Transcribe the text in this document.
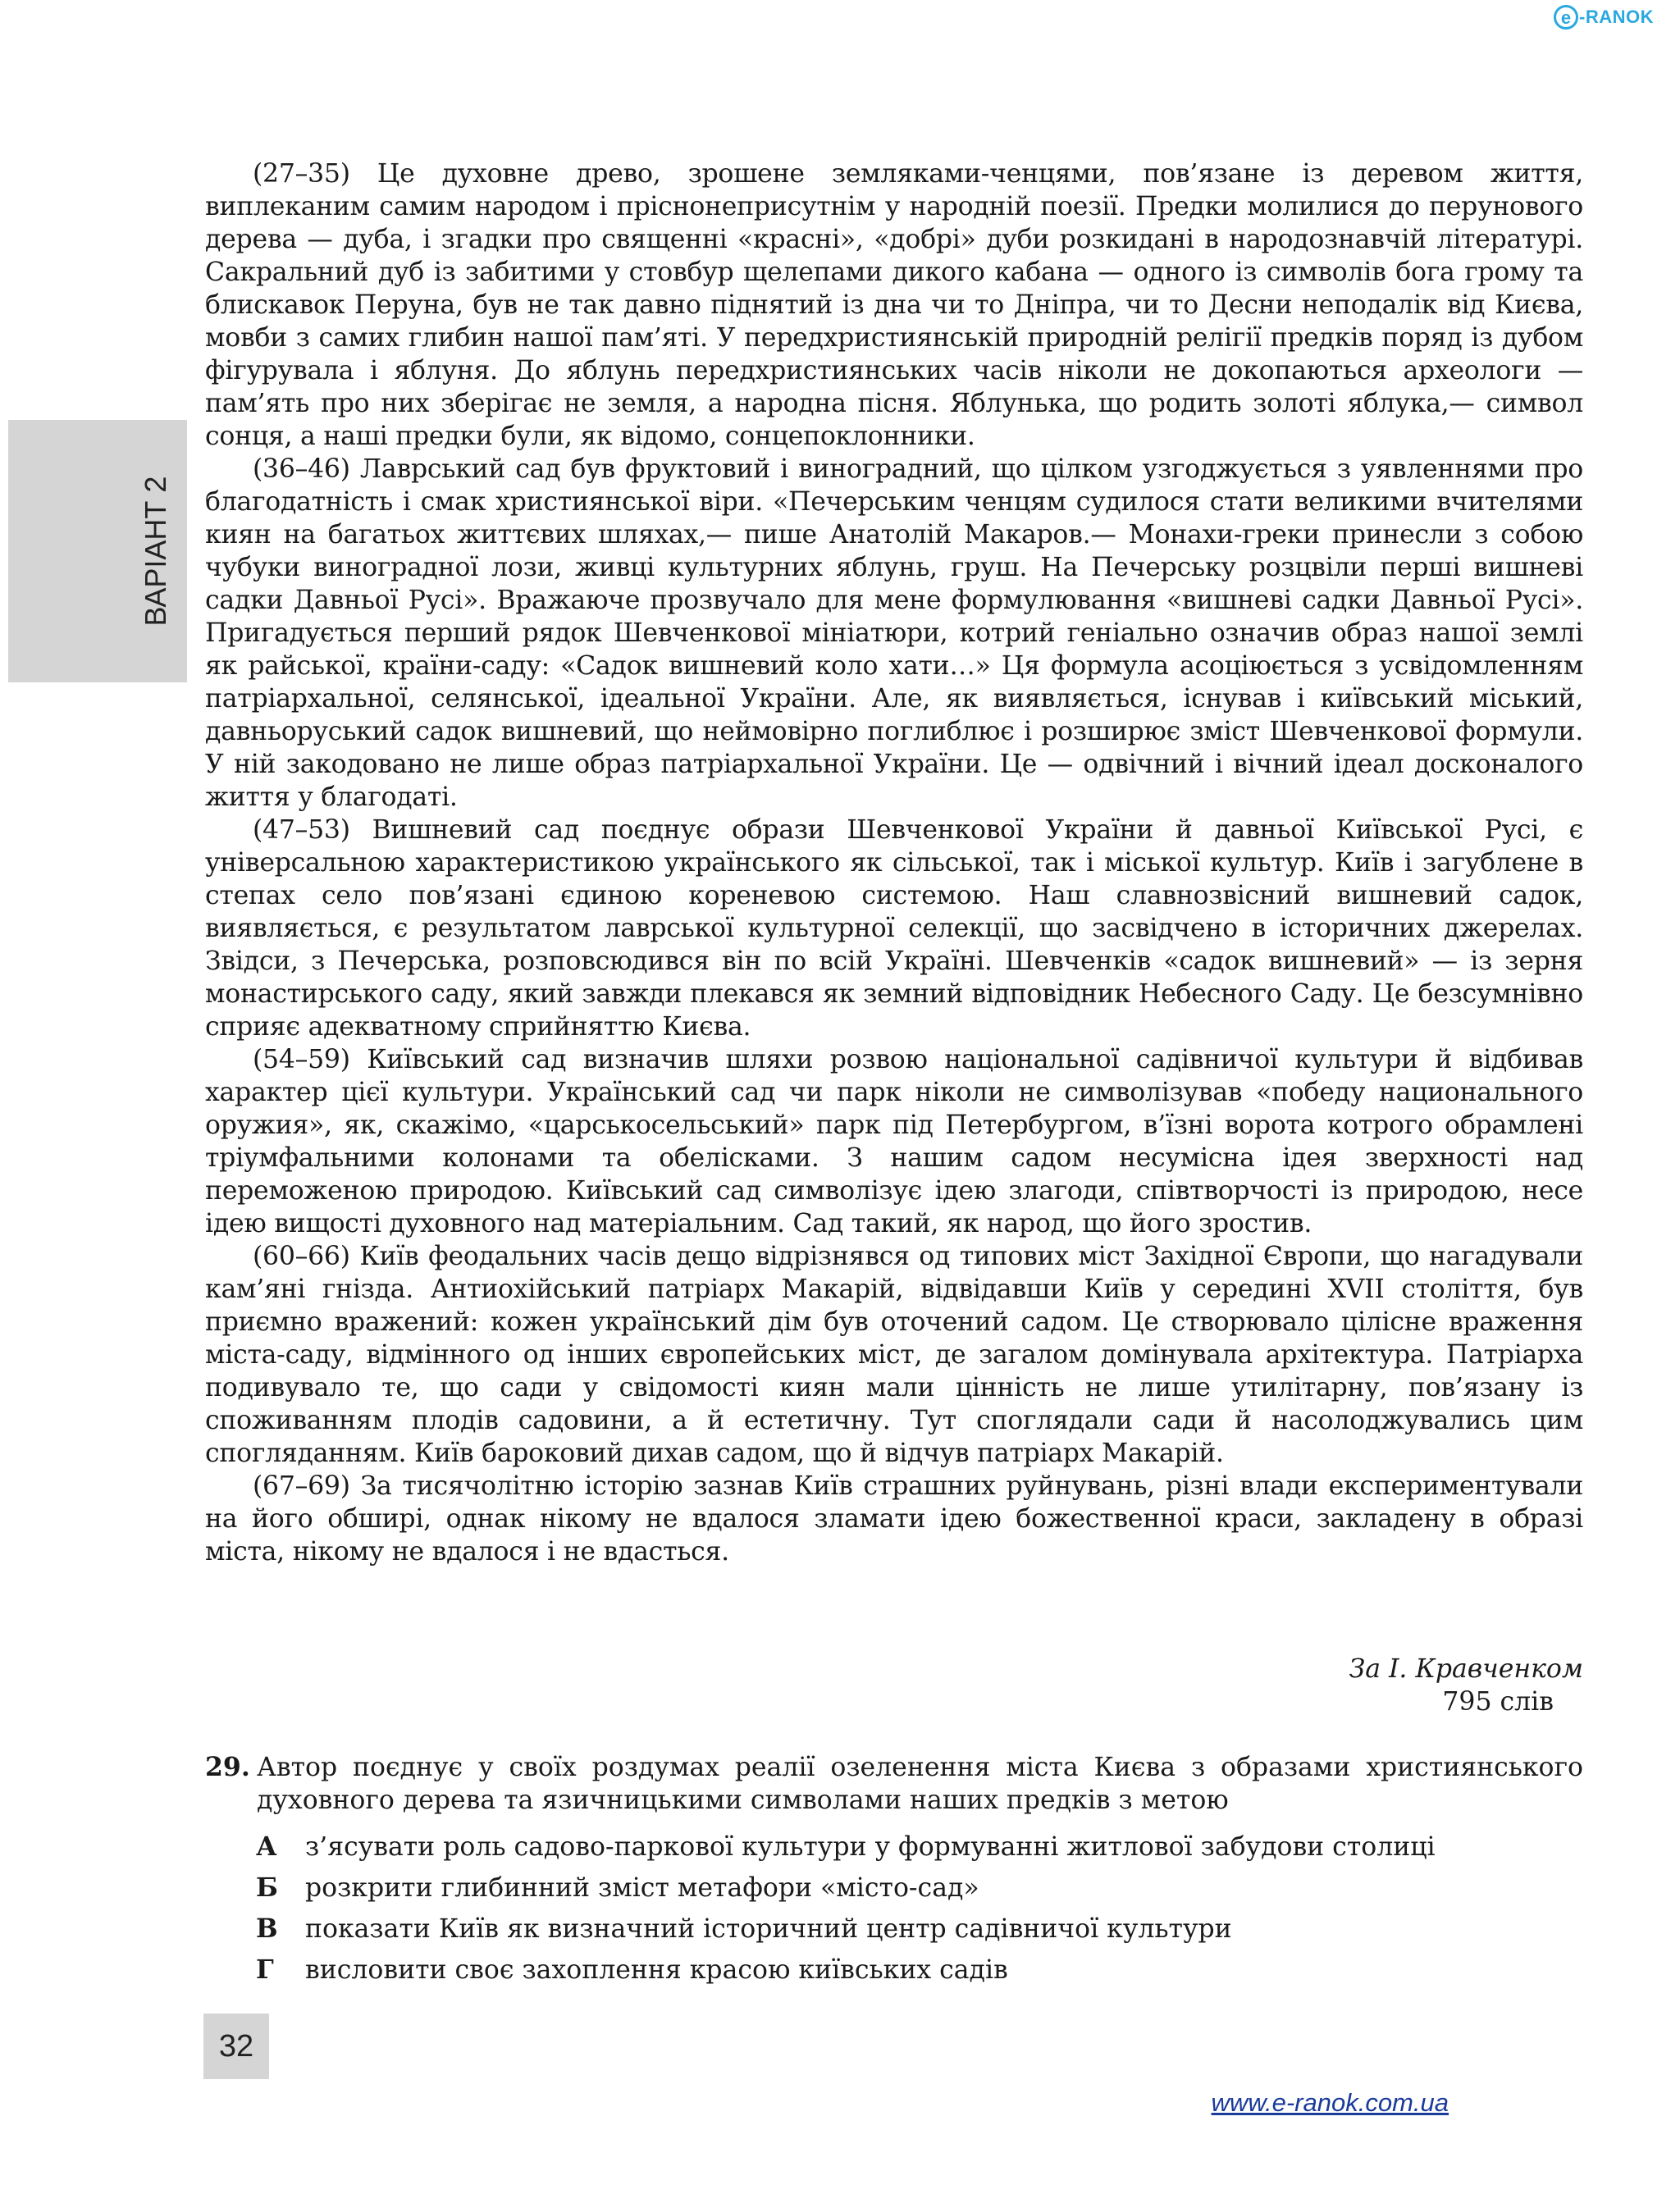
e -RANOK
ВАРІАНТ 2

(27–35) Це духовне древо, зрошене земляками-ченцями, пов’язане із деревом життя, виплеканим самим народом і пріснонеприсутнім у народній поезії. Предки молилися до перунового дерева — дуба, і згадки про священні «красні», «добрі» дуби розкидані в народознавчій літературі. Сакральний дуб із забитими у стовбур щелепами дикого кабана — одного із символів бога грому та блискавок Перуна, був не так давно піднятий із дна чи то Дніпра, чи то Десни неподалік від Києва, мовби з самих глибин нашої пам’яті. У передхристиянській природній релігії предків поряд із дубом фігурувала і яблуня. До яблунь передхристиянських часів ніколи не докопаються археологи — пам’ять про них зберігає не земля, а народна пісня. Яблунька, що родить золоті яблука,— символ сонця, а наші предки були, як відомо, сонцепоклонники.

(36–46) Лаврський сад був фруктовий і виноградний, що цілком узгоджується з уявленнями про благодатність і смак християнської віри. «Печерським ченцям судилося стати великими вчителями киян на багатьох життєвих шляхах,— пише Анатолій Макаров.— Монахи-греки принесли з собою чубуки виноградної лози, живці культурних яблунь, груш. На Печерську розцвіли перші вишневі садки Давньої Русі». Вражаюче прозвучало для мене формулювання «вишневі садки Давньої Русі». Пригадується перший рядок Шевченкової мініатюри, котрий геніально означив образ нашої землі як райської, країни-саду: «Садок вишневий коло хати…» Ця формула асоціюється з усвідомленням патріархальної, селянської, ідеальної України. Але, як виявляється, існував і київський міський, давньоруський садок вишневий, що неймовірно поглиблює і розширює зміст Шевченкової формули. У ній закодовано не лише образ патріархальної України. Це — одвічний і вічний ідеал досконалого життя у благодаті.

(47–53) Вишневий сад поєднує образи Шевченкової України й давньої Київської Русі, є універсальною характеристикою українського як сільської, так і міської культур. Київ і загублене в степах село пов’язані єдиною кореневою системою. Наш славнозвісний вишневий садок, виявляється, є результатом лаврської культурної селекції, що засвідчено в історичних джерелах. Звідси, з Печерська, розповсюдився він по всій Україні. Шевченків «садок вишневий» — із зерня монастирського саду, який завжди плекався як земний відповідник Небесного Саду. Це безсумнівно сприяє адекватному сприйняттю Києва.

(54–59) Київський сад визначив шляхи розвою національної садівничої культури й відбивав характер цієї культури. Український сад чи парк ніколи не символізував «победу национального оружия», як, скажімо, «царськосельський» парк під Петербургом, в’їзні ворота котрого обрамлені тріумфальними колонами та обелісками. З нашим садом несумісна ідея зверхності над переможеною природою. Київський сад символізує ідею злагоди, співтворчості із природою, несе ідею вищості духовного над матеріальним. Сад такий, як народ, що його зростив.

(60–66) Київ феодальних часів дещо відрізнявся од типових міст Західної Європи, що нагадували кам’яні гнізда. Антиохійський патріарх Макарій, відвідавши Київ у середині XVII століття, був приємно вражений: кожен український дім був оточений садом. Це створювало цілісне враження міста-саду, відмінного од інших європейських міст, де загалом домінувала архітектура. Патріарха подивувало те, що сади у свідомості киян мали цінність не лише утилітарну, пов’язану із споживанням плодів садовини, а й естетичну. Тут споглядали сади й насолоджувались цим спогляданням. Київ бароковий дихав садом, що й відчув патріарх Макарій.

(67–69) За тисячолітню історію зазнав Київ страшних руйнувань, різні влади експериментували на його обширі, однак нікому не вдалося зламати ідею божественної краси, закладену в образі міста, нікому не вдалося і не вдасться.

За І. Кравченком
795 слів
29. Автор поєднує у своїх роздумах реалії озеленення міста Києва з образами християнського духовного дерева та язичницькими символами наших предків з метою
А	з’ясувати роль садово-паркової культури у формуванні житлової забудови столиці
Б	розкрити глибинний зміст метафори «місто-сад»
В	показати Київ як визначний історичний центр садівничої культури
Г	висловити своє захоплення красою київських садів
32
www.e-ranok.com.ua
